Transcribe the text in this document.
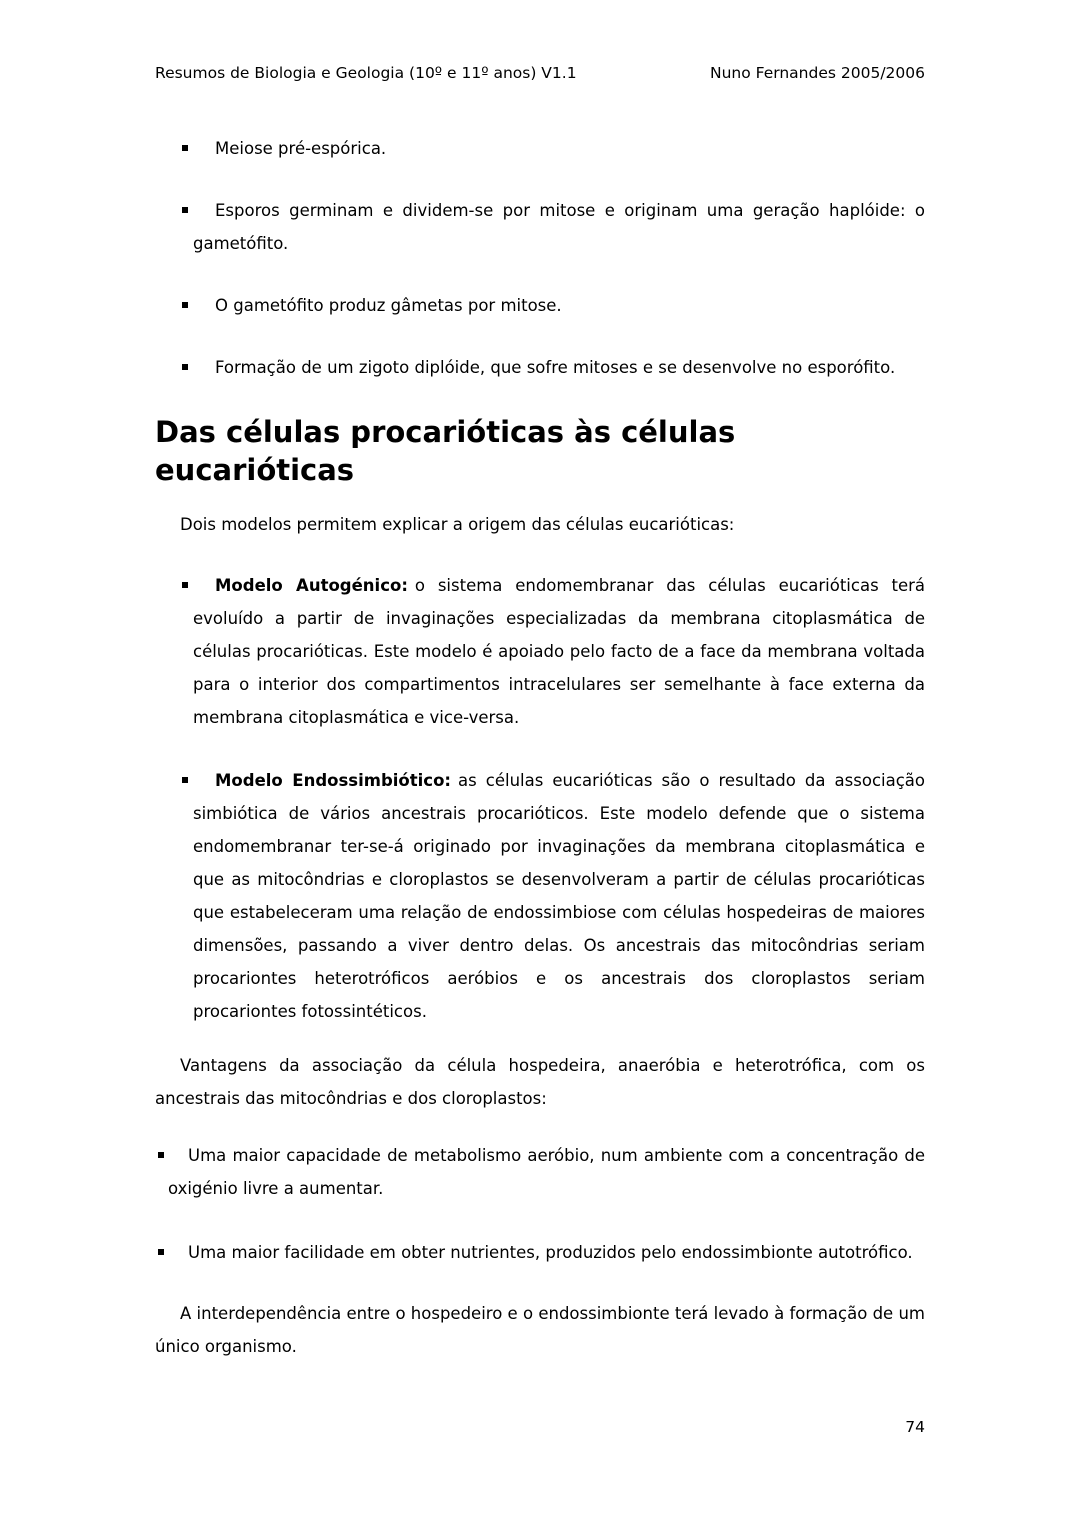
Resumos de Biologia e Geologia (10º e 11º anos) V1.1	Nuno Fernandes 2005/2006
Meiose pré-espórica.
Esporos germinam e dividem-se por mitose e originam uma geração haplóide: o gametófito.
O gametófito produz gâmetas por mitose.
Formação de um zigoto diplóide, que sofre mitoses e se desenvolve no esporófito.
Das células procarióticas às células eucarióticas

Dois modelos permitem explicar a origem das células eucarióticas:

Modelo Autogénico: o sistema endomembranar das células eucarióticas terá evoluído a partir de invaginações especializadas da membrana citoplasmática de células procarióticas. Este modelo é apoiado pelo facto de a face da membrana voltada para o interior dos compartimentos intracelulares ser semelhante à face externa da membrana citoplasmática e vice-versa.
Modelo Endossimbiótico: as células eucarióticas são o resultado da associação simbiótica de vários ancestrais procarióticos. Este modelo defende que o sistema endomembranar ter-se-á originado por invaginações da membrana citoplasmática e que as mitocôndrias e cloroplastos se desenvolveram a partir de células procarióticas que estabeleceram uma relação de endossimbiose com células hospedeiras de maiores dimensões, passando a viver dentro delas. Os ancestrais das mitocôndrias seriam procariontes heterotróficos aeróbios e os ancestrais dos cloroplastos seriam procariontes fotossintéticos.

Vantagens da associação da célula hospedeira, anaeróbia e heterotrófica, com os ancestrais das mitocôndrias e dos cloroplastos:

Uma maior capacidade de metabolismo aeróbio, num ambiente com a concentração de oxigénio livre a aumentar.
Uma maior facilidade em obter nutrientes, produzidos pelo endossimbionte autotrófico.

A interdependência entre o hospedeiro e o endossimbionte terá levado à formação de um único organismo.

74
